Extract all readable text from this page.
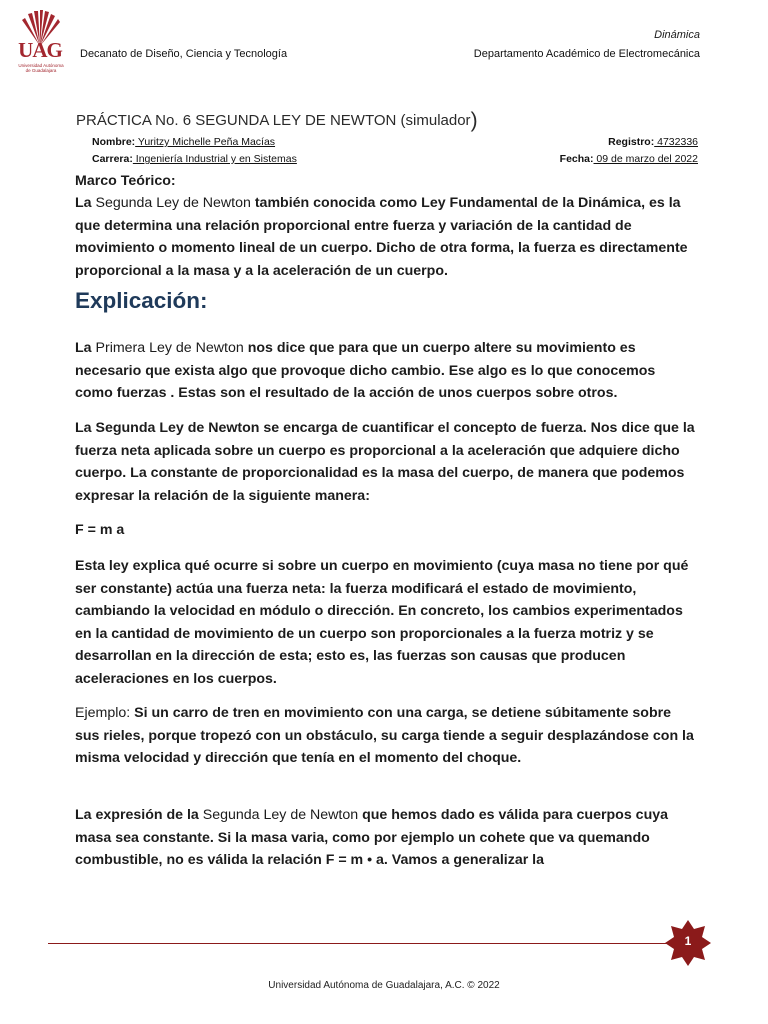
UAG
Universidad Autónoma de Guadalajara
Dinámica
Decanato de Diseño, Ciencia y Tecnología	Departamento Académico de Electromecánica
PRÁCTICA No. 6 SEGUNDA LEY DE NEWTON (simulador)
Nombre: Yuritzy Michelle Peña Macías	Registro: 4732336
Carrera: Ingeniería Industrial y en Sistemas	Fecha: 09 de marzo del 2022

Marco Teórico:

La Segunda Ley de Newton también conocida como Ley Fundamental de la Dinámica, es la que determina una relación proporcional entre fuerza y variación de la cantidad de movimiento o momento lineal de un cuerpo. Dicho de otra forma, la fuerza es directamente proporcional a la masa y a la aceleración de un cuerpo.

Explicación:

La Primera Ley de Newton nos dice que para que un cuerpo altere su movimiento es necesario que exista algo que provoque dicho cambio. Ese algo es lo que conocemos como fuerzas . Estas son el resultado de la acción de unos cuerpos sobre otros.

La Segunda Ley de Newton se encarga de cuantificar el concepto de fuerza. Nos dice que la fuerza neta aplicada sobre un cuerpo es proporcional a la aceleración que adquiere dicho cuerpo. La constante de proporcionalidad es la masa del cuerpo, de manera que podemos expresar la relación de la siguiente manera:

F = m a

Esta ley explica qué ocurre si sobre un cuerpo en movimiento (cuya masa no tiene por qué ser constante) actúa una fuerza neta: la fuerza modificará el estado de movimiento, cambiando la velocidad en módulo o dirección. En concreto, los cambios experimentados en la cantidad de movimiento de un cuerpo son proporcionales a la fuerza motriz y se desarrollan en la dirección de esta; esto es, las fuerzas son causas que producen aceleraciones en los cuerpos.

Ejemplo: Si un carro de tren en movimiento con una carga, se detiene súbitamente sobre sus rieles, porque tropezó con un obstáculo, su carga tiende a seguir desplazándose con la misma velocidad y dirección que tenía en el momento del choque.

La expresión de la Segunda Ley de Newton que hemos dado es válida para cuerpos cuya masa sea constante. Si la masa varia, como por ejemplo un cohete que va quemando combustible, no es válida la relación F = m • a. Vamos a generalizar la

1
Universidad Autónoma de Guadalajara, A.C. © 2022
